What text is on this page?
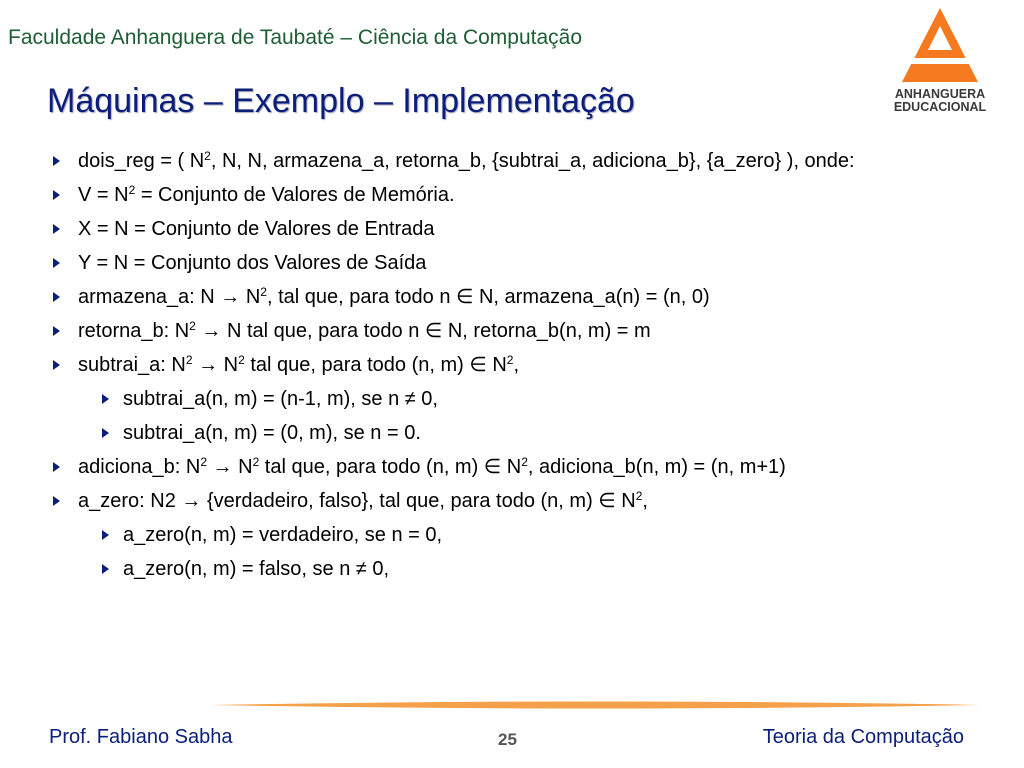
Faculdade Anhanguera de Taubaté – Ciência da Computação
ANHANGUERA
EDUCACIONAL
Máquinas – Exemplo – Implementação
dois_reg = ( $N^2$, N, N, armazena_a, retorna_b, {subtrai_a, adiciona_b}, {a_zero} ), onde:
$V = N^2$ = Conjunto de Valores de Memória.
X = N = Conjunto de Valores de Entrada
Y = N = Conjunto dos Valores de Saída
armazena_a: $N \to N^2$, tal que, para todo n ∈ N, armazena_a(n) = (n, 0)
retorna_b: $N^2 \to N$ tal que, para todo n ∈ N, retorna_b(n, m) = m
subtrai_a: $N^2 \to N^2$ tal que, para todo (n, m) ∈ $N^2$,
subtrai_a(n, m) = (n-1, m), se n ≠ 0,
subtrai_a(n, m) = (0, m), se n = 0.
adiciona_b: $N^2 \to N^2$ tal que, para todo (n, m) ∈ $N^2$, adiciona_b(n, m) = (n, m+1)
a_zero: N2 → {verdadeiro, falso}, tal que, para todo (n, m) ∈ $N^2$,
a_zero(n, m) = verdadeiro, se n = 0,
a_zero(n, m) = falso, se n ≠ 0,
Prof. Fabiano Sabha	25	Teoria da Computação
